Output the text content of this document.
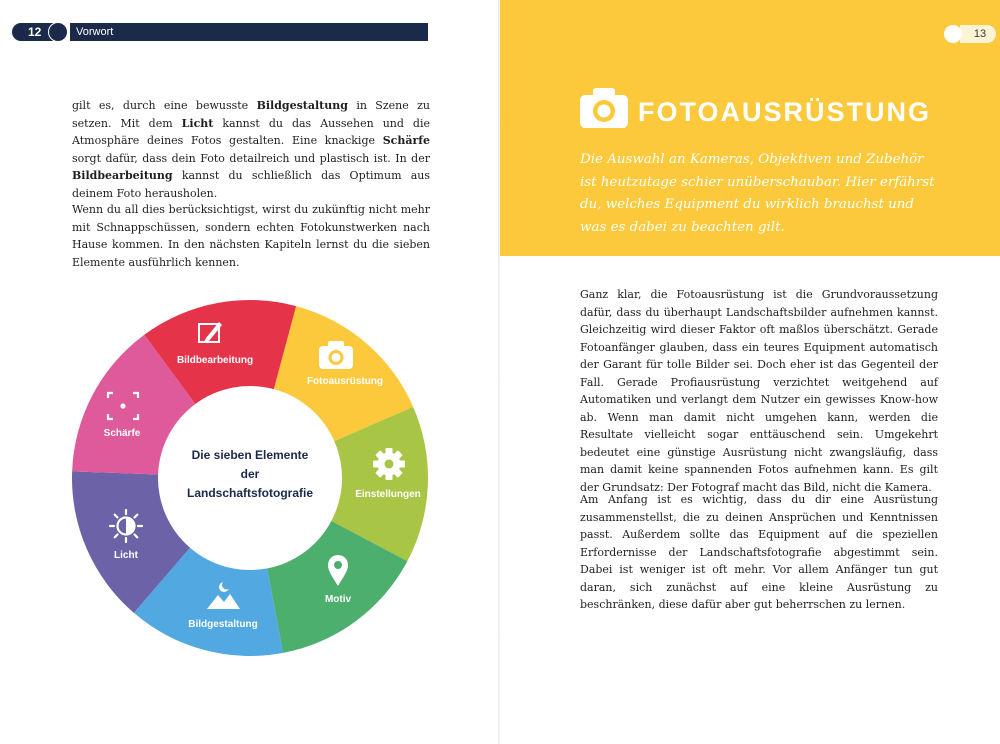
12	Vorwort

gilt es, durch eine bewusste Bildgestaltung in Szene zu setzen. Mit dem Licht kannst du das Aussehen und die Atmosphäre deines Fotos gestalten. Eine knackige Schärfe sorgt dafür, dass dein Foto detailreich und plastisch ist. In der Bildbearbeitung kannst du schließlich das Optimum aus deinem Foto herausholen.

Wenn du all dies berücksichtigst, wirst du zukünftig nicht mehr mit Schnappschüssen, sondern echten Fotokunstwerken nach Hause kommen. In den nächsten Kapiteln lernst du die sieben Elemente ausführlich kennen.

Fotoausrüstung
Einstellungen
Motiv
Bildgestaltung
Licht
Schärfe
Bildbearbeitung
Die sieben Elemente
der
Landschaftsfotografie
13
FOTOAUSRÜSTUNG

Die Auswahl an Kameras, Objektiven und Zubehör ist heutzutage schier unüberschaubar. Hier erfährst du, welches Equipment du wirklich brauchst und was es dabei zu beachten gilt.

Ganz klar, die Fotoausrüstung ist die Grundvoraussetzung dafür, dass du überhaupt Landschaftsbilder aufnehmen kannst. Gleichzeitig wird dieser Faktor oft maßlos überschätzt. Gerade Fotoanfänger glauben, dass ein teures Equipment automatisch der Garant für tolle Bilder sei. Doch eher ist das Gegenteil der Fall. Gerade Profiausrüstung verzichtet weitgehend auf Automatiken und verlangt dem Nutzer ein gewisses Know-how ab. Wenn man damit nicht umgehen kann, werden die Resultate vielleicht sogar enttäuschend sein. Umgekehrt bedeutet eine günstige Ausrüstung nicht zwangsläufig, dass man damit keine spannenden Fotos aufnehmen kann. Es gilt der Grundsatz: Der Fotograf macht das Bild, nicht die Kamera.

Am Anfang ist es wichtig, dass du dir eine Ausrüstung zusammenstellst, die zu deinen Ansprüchen und Kenntnissen passt. Außerdem sollte das Equipment auf die speziellen Erfordernisse der Landschaftsfotografie abgestimmt sein. Dabei ist weniger ist oft mehr. Vor allem Anfänger tun gut daran, sich zunächst auf eine kleine Ausrüstung zu beschränken, diese dafür aber gut beherrschen zu lernen.
